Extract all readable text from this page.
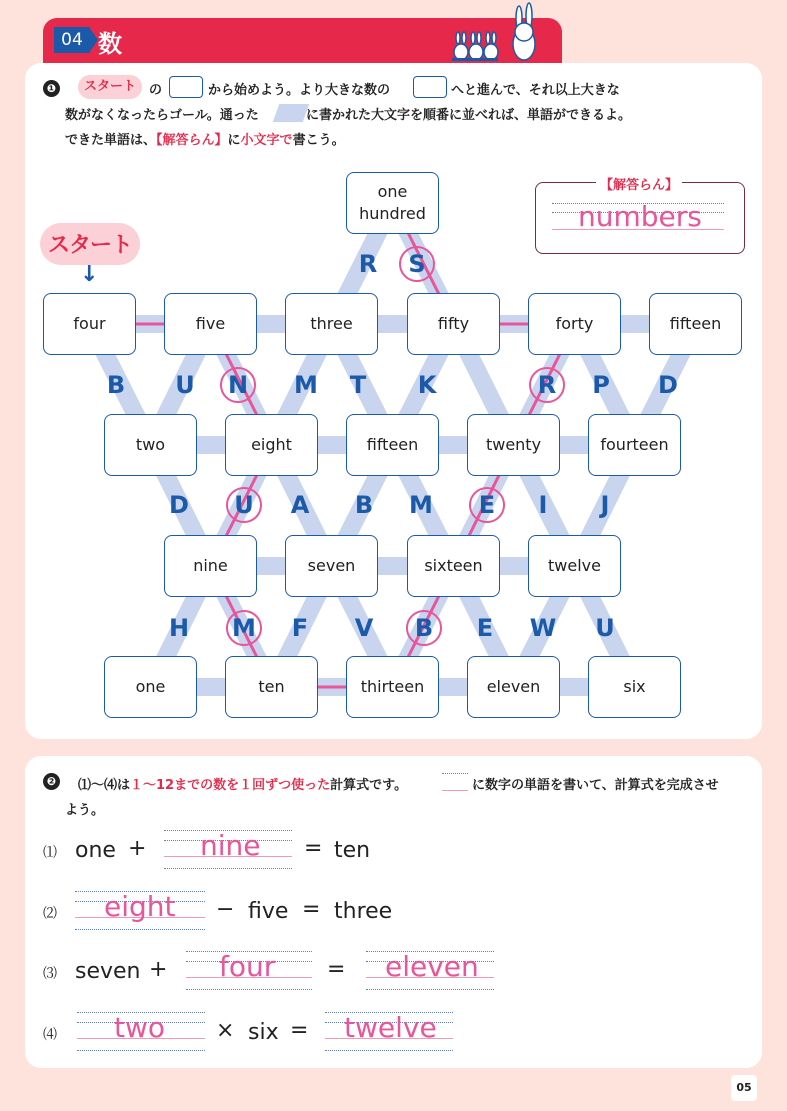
04 数
❶	スタート	の	から始めよう。より大きな数の	へと進んで、それ以上大きな
数がなくなったらゴール。通った	に書かれた大文字を順番に並べれば、単語ができるよ。
できた単語は、【解答らん】に小文字で書こう。
スタート
↓
【解答らん】
numbers
one
hundred
four	five	three	fifty	forty	fifteen
two	eight	fifteen	twenty	fourteen
nine	seven	sixteen	twelve
one	ten	thirteen	eleven	six
R	S
B U	N	M T K	R	P D
D	U	A B M	E	I	J
H M F V	B	E W U
❷ ⑴〜⑷は１〜12までの数を１回ずつ使った計算式です。	に数字の単語を書いて、計算式を完成させ
よう。
⑴ one + nine = ten
⑵ eight − five = three
⑶ seven + four = eleven
⑷ two × six = twelve
05
